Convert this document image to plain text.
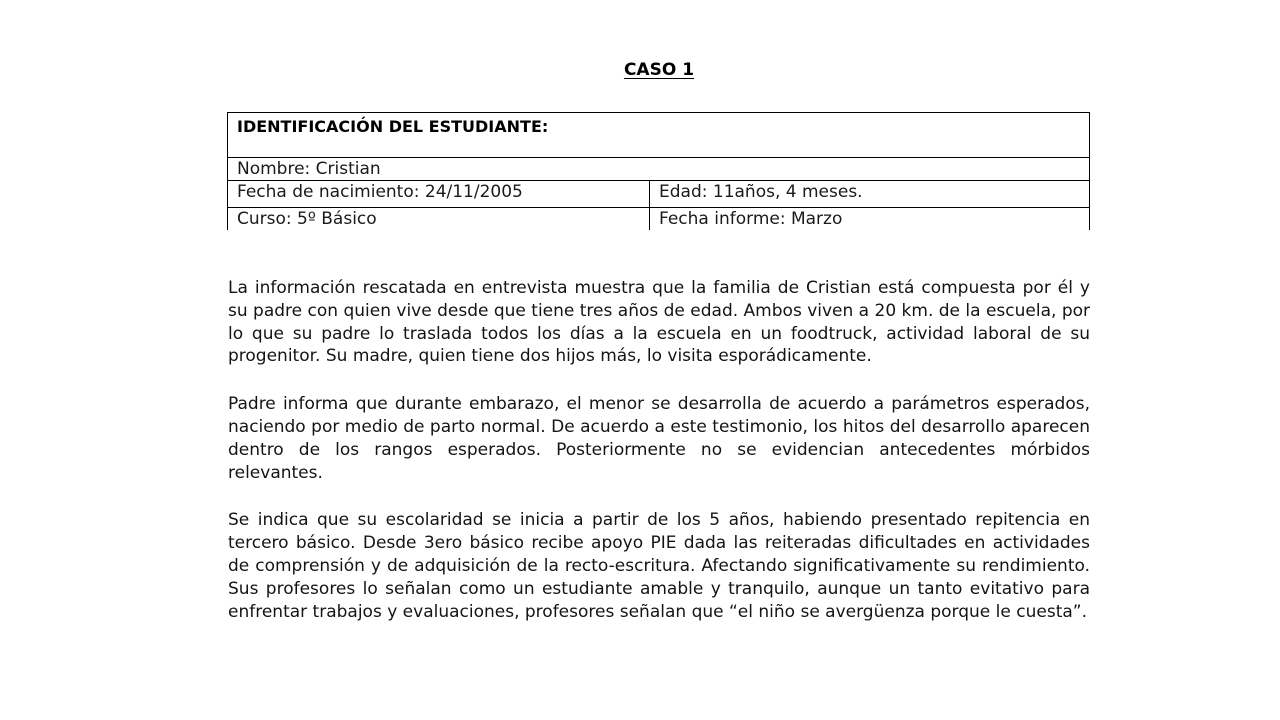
CASO 1
IDENTIFICACIÓN DEL ESTUDIANTE:	
Nombre: Cristian	
Fecha de nacimiento: 24/11/2005	Edad: 11años, 4 meses.
Curso: 5º Básico	Fecha informe: Marzo

La información rescatada en entrevista muestra que la familia de Cristian está compuesta por él y su padre con quien vive desde que tiene tres años de edad. Ambos viven a 20 km. de la escuela, por lo que su padre lo traslada todos los días a la escuela en un foodtruck, actividad laboral de su progenitor. Su madre, quien tiene dos hijos más, lo visita esporádicamente.

Padre informa que durante embarazo, el menor se desarrolla de acuerdo a parámetros esperados, naciendo por medio de parto normal. De acuerdo a este testimonio, los hitos del desarrollo aparecen dentro de los rangos esperados. Posteriormente no se evidencian antecedentes mórbidos relevantes.

Se indica que su escolaridad se inicia a partir de los 5 años, habiendo presentado repitencia en tercero básico. Desde 3ero básico recibe apoyo PIE dada las reiteradas dificultades en actividades de comprensión y de adquisición de la recto-escritura. Afectando significativamente su rendimiento. Sus profesores lo señalan como un estudiante amable y tranquilo, aunque un tanto evitativo para enfrentar trabajos y evaluaciones, profesores señalan que “el niño se avergüenza porque le cuesta”.
